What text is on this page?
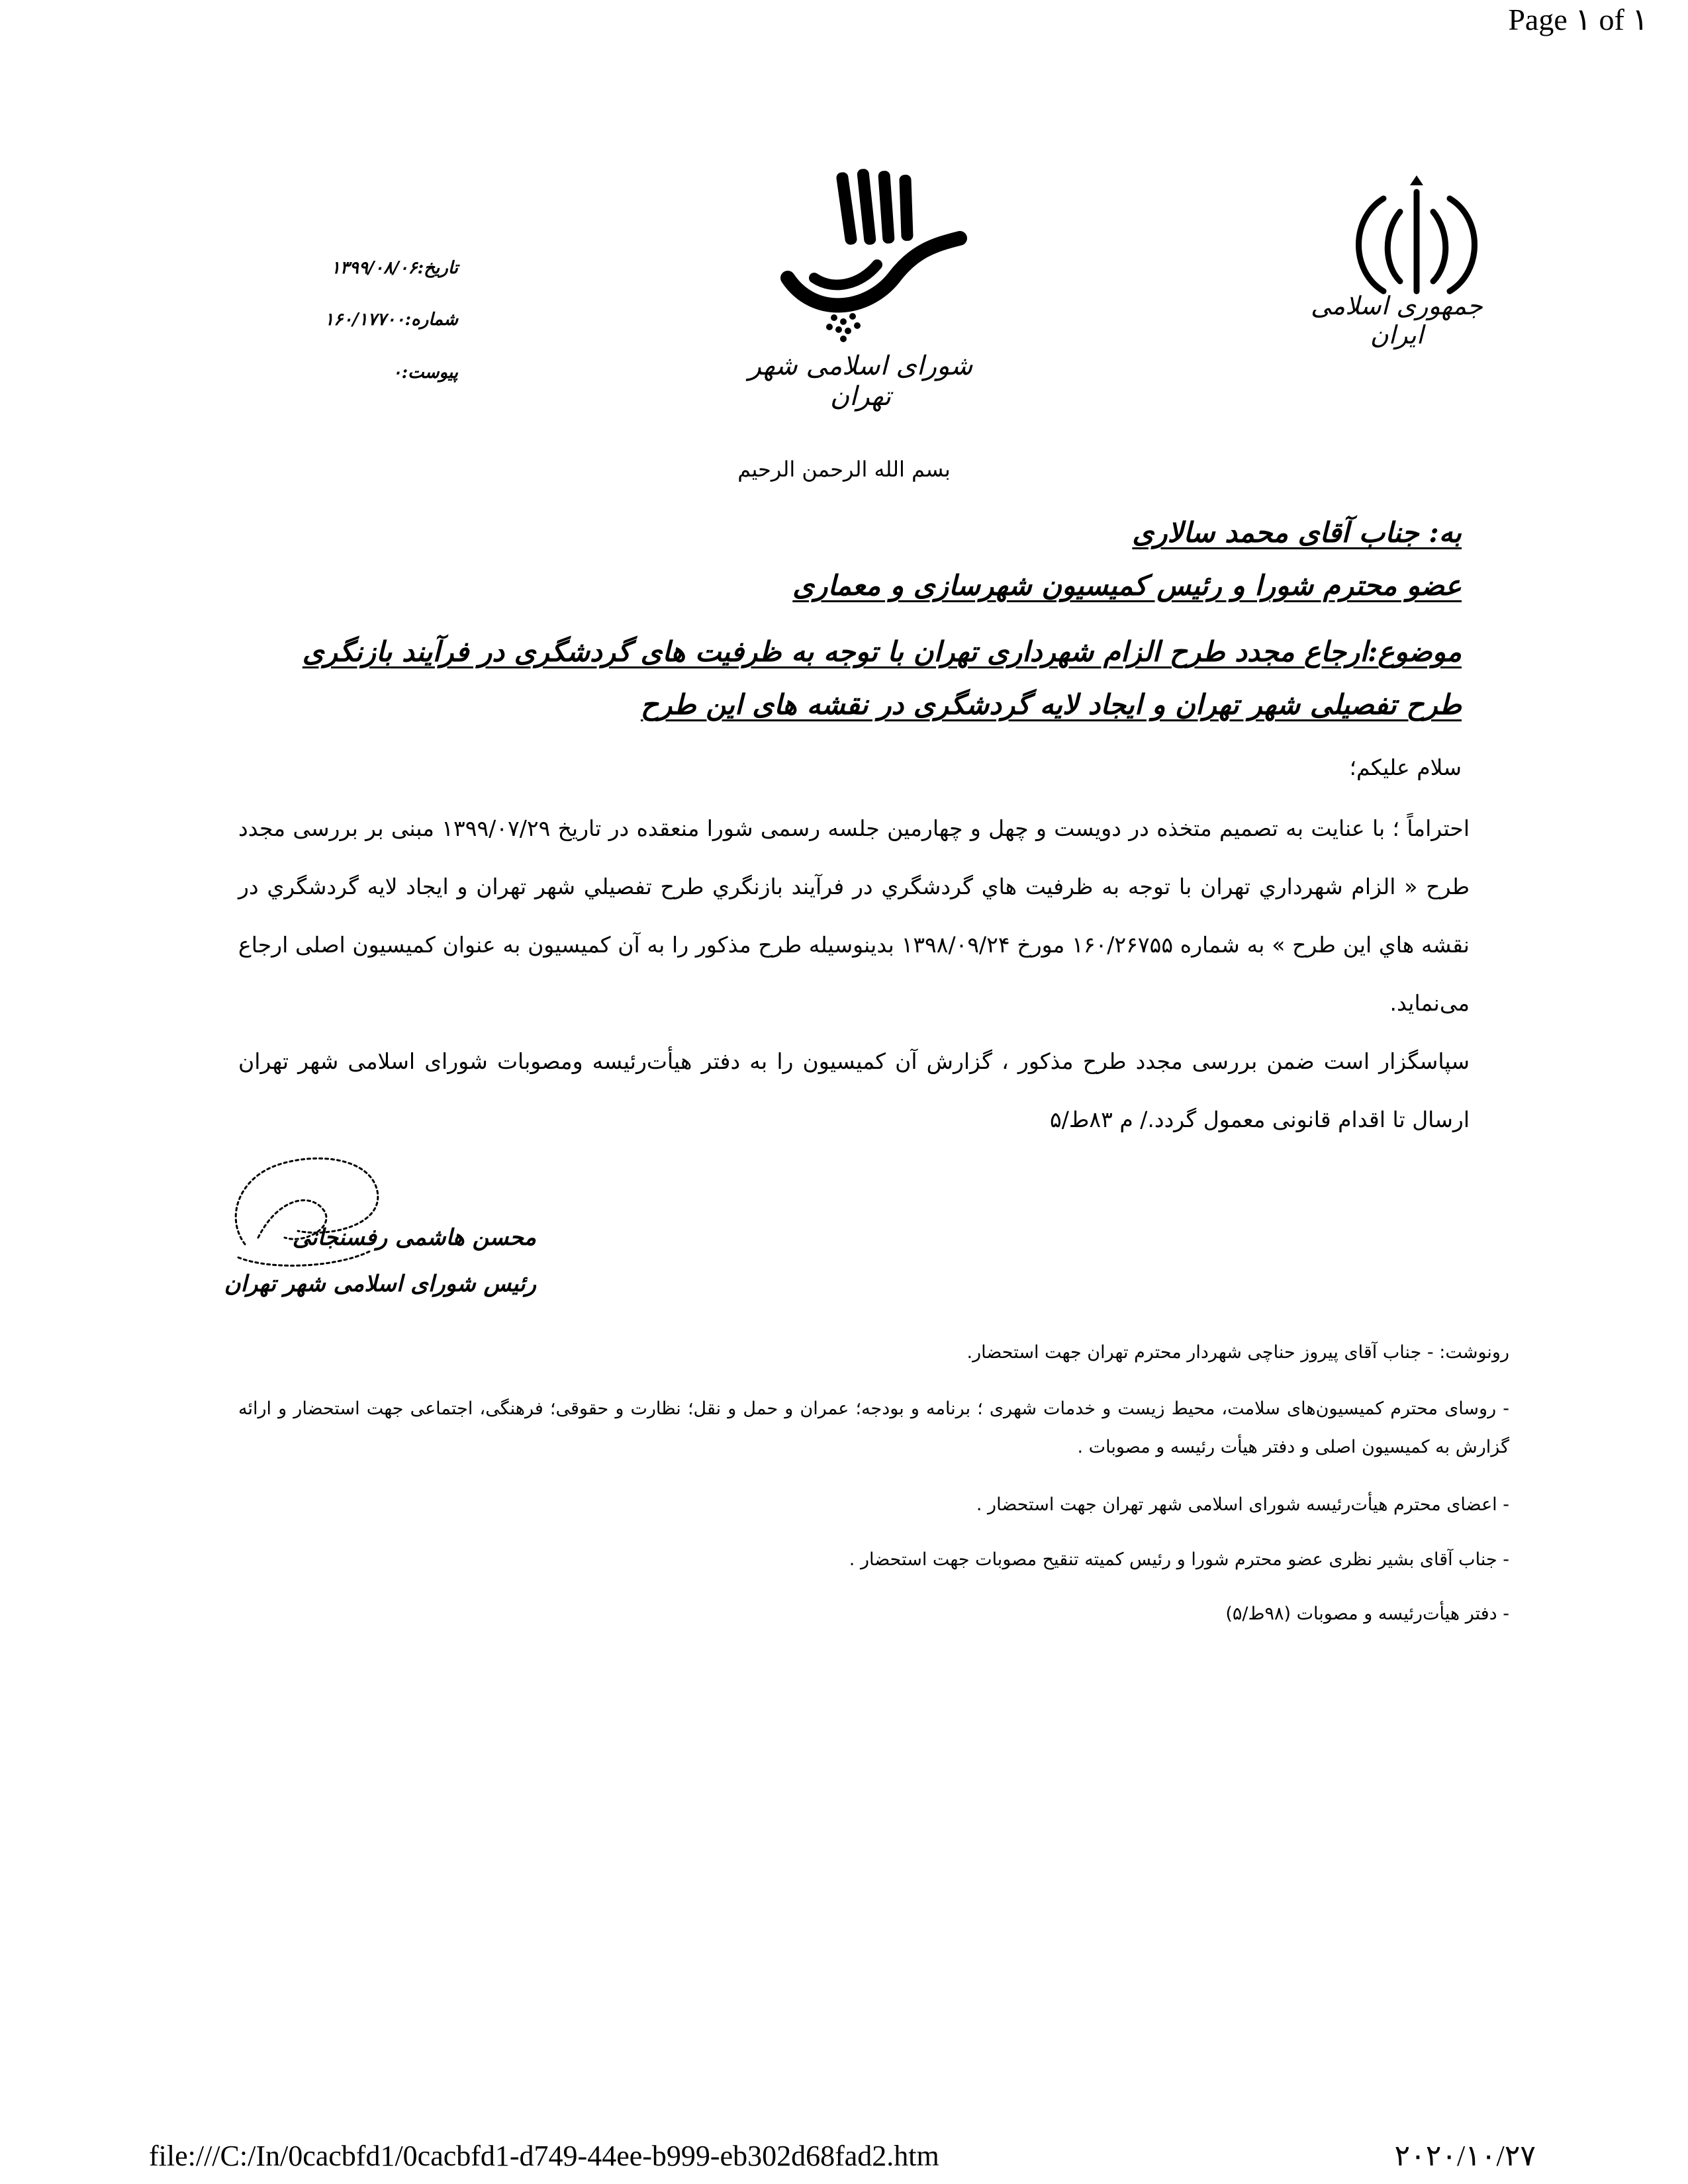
Page ۱ of ۱
جمهوری اسلامی ایران
شورای اسلامی شهر تهران
تاریخ:۱۳۹۹/۰۸/۰۶
شماره:۱۶۰/۱۷۷۰۰
پیوست:۰
بسم الله الرحمن الرحیم
به: جناب آقای محمد سالاری
عضو محترم شورا و رئیس کمیسیون شهرسازی و معماری
موضوع:ارجاع مجدد طرح الزام شهرداری تهران با توجه به ظرفیت های گردشگری در فرآیند بازنگری
طرح تفصیلی شهر تهران و ایجاد لایه گردشگری در نقشه های این طرح
سلام علیکم؛
احتراماً ؛ با عنایت به تصمیم متخذه در دویست و چهل و چهارمین جلسه رسمی شورا منعقده در تاریخ ۱۳۹۹/۰۷/۲۹ مبنی بر بررسی مجدد طرح « الزام شهرداري تهران با توجه به ظرفيت هاي گردشگري در فرآيند بازنگري طرح تفصيلي شهر تهران و ايجاد لايه گردشگري در نقشه هاي اين طرح » به شماره ۱۶۰/۲۶۷۵۵ مورخ ۱۳۹۸/۰۹/۲۴ بدینوسیله طرح مذکور را به آن کمیسیون به عنوان کمیسیون اصلی ارجاع می‌نماید.
سپاسگزار است ضمن بررسی مجدد طرح مذکور ، گزارش آن کمیسیون را به دفتر هیأت‌رئیسه ومصوبات شورای اسلامی شهر تهران ارسال تا اقدام قانونی معمول گردد./ م ۸۳ط/۵
محسن هاشمی رفسنجانی
رئیس شورای اسلامی شهر تهران
رونوشت: - جناب آقای پیروز حناچی شهردار محترم تهران جهت استحضار.
- روسای محترم کمیسیون‌های سلامت، محیط زیست و خدمات شهری ؛ برنامه و بودجه؛ عمران و حمل و نقل؛ نظارت و حقوقی؛ فرهنگی، اجتماعی جهت استحضار و ارائه گزارش به کمیسیون اصلی و دفتر هیأت رئیسه و مصوبات .
- اعضای محترم هیأت‌رئیسه شورای اسلامی شهر تهران جهت استحضار .
- جناب آقای بشیر نظری عضو محترم شورا و رئیس کمیته تنقیح مصوبات جهت استحضار .
- دفتر هیأت‌رئیسه و مصوبات (۹۸ط/۵)
file:///C:/In/0cacbfd1/0cacbfd1-d749-44ee-b999-eb302d68fad2.htm	۲۰۲۰/۱۰/۲۷
